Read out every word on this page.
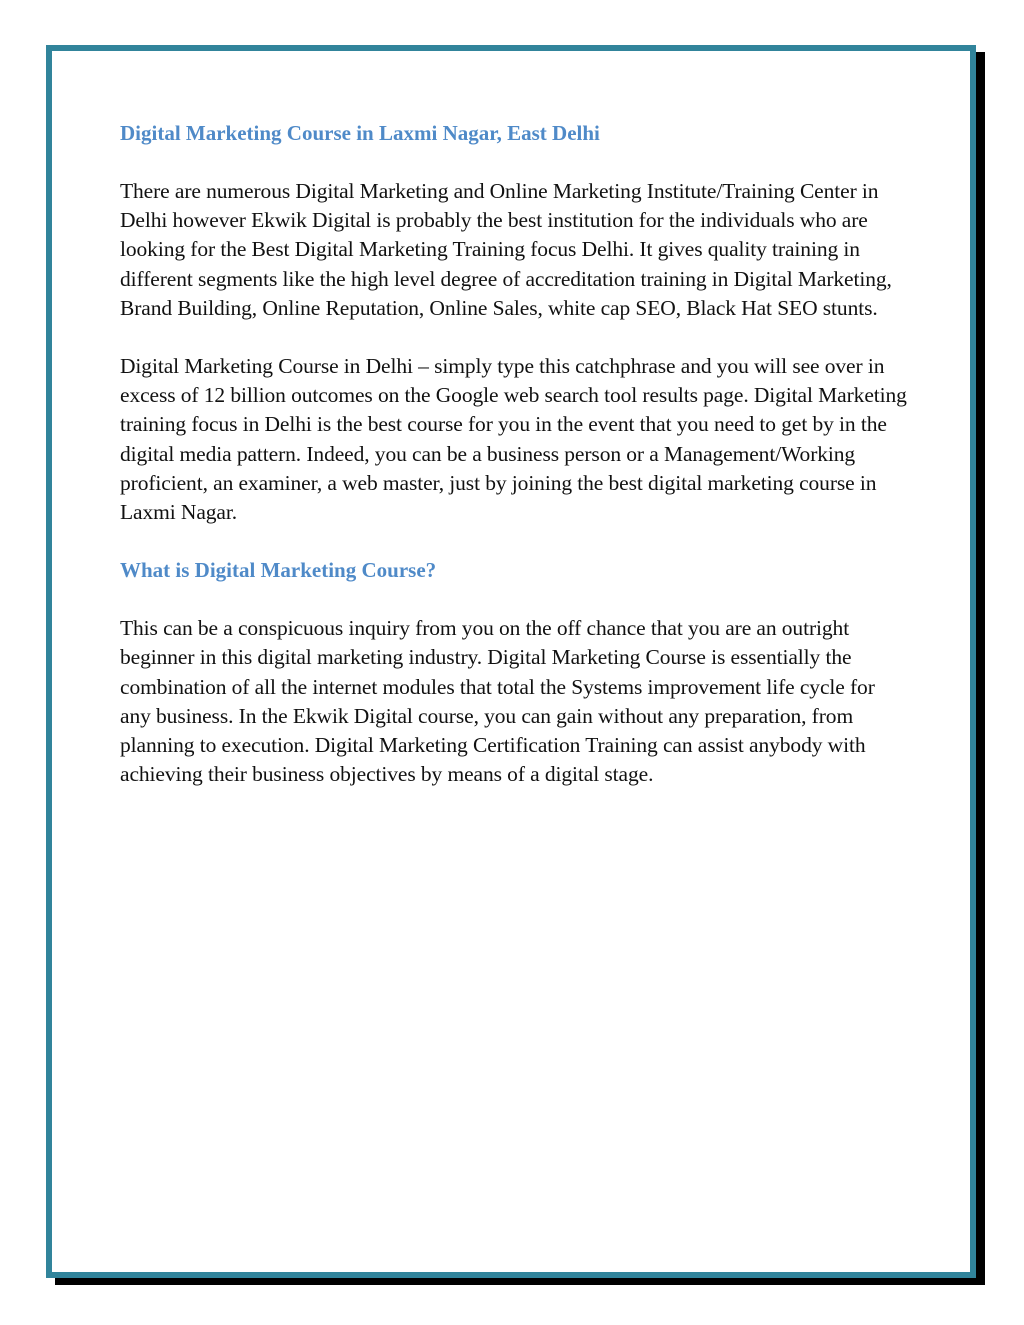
Digital Marketing Course in Laxmi Nagar, East Delhi

There are numerous Digital Marketing and Online Marketing Institute/Training Center in Delhi however Ekwik Digital is probably the best institution for the individuals who are looking for the Best Digital Marketing Training focus Delhi. It gives quality training in different segments like the high level degree of accreditation training in Digital Marketing, Brand Building, Online Reputation, Online Sales, white cap SEO, Black Hat SEO stunts.

Digital Marketing Course in Delhi – simply type this catchphrase and you will see over in excess of 12 billion outcomes on the Google web search tool results page. Digital Marketing training focus in Delhi is the best course for you in the event that you need to get by in the digital media pattern. Indeed, you can be a business person or a Management/Working proficient, an examiner, a web master, just by joining the best digital marketing course in Laxmi Nagar.

What is Digital Marketing Course?

This can be a conspicuous inquiry from you on the off chance that you are an outright beginner in this digital marketing industry. Digital Marketing Course is essentially the combination of all the internet modules that total the Systems improvement life cycle for any business. In the Ekwik Digital course, you can gain without any preparation, from planning to execution. Digital Marketing Certification Training can assist anybody with achieving their business objectives by means of a digital stage.
